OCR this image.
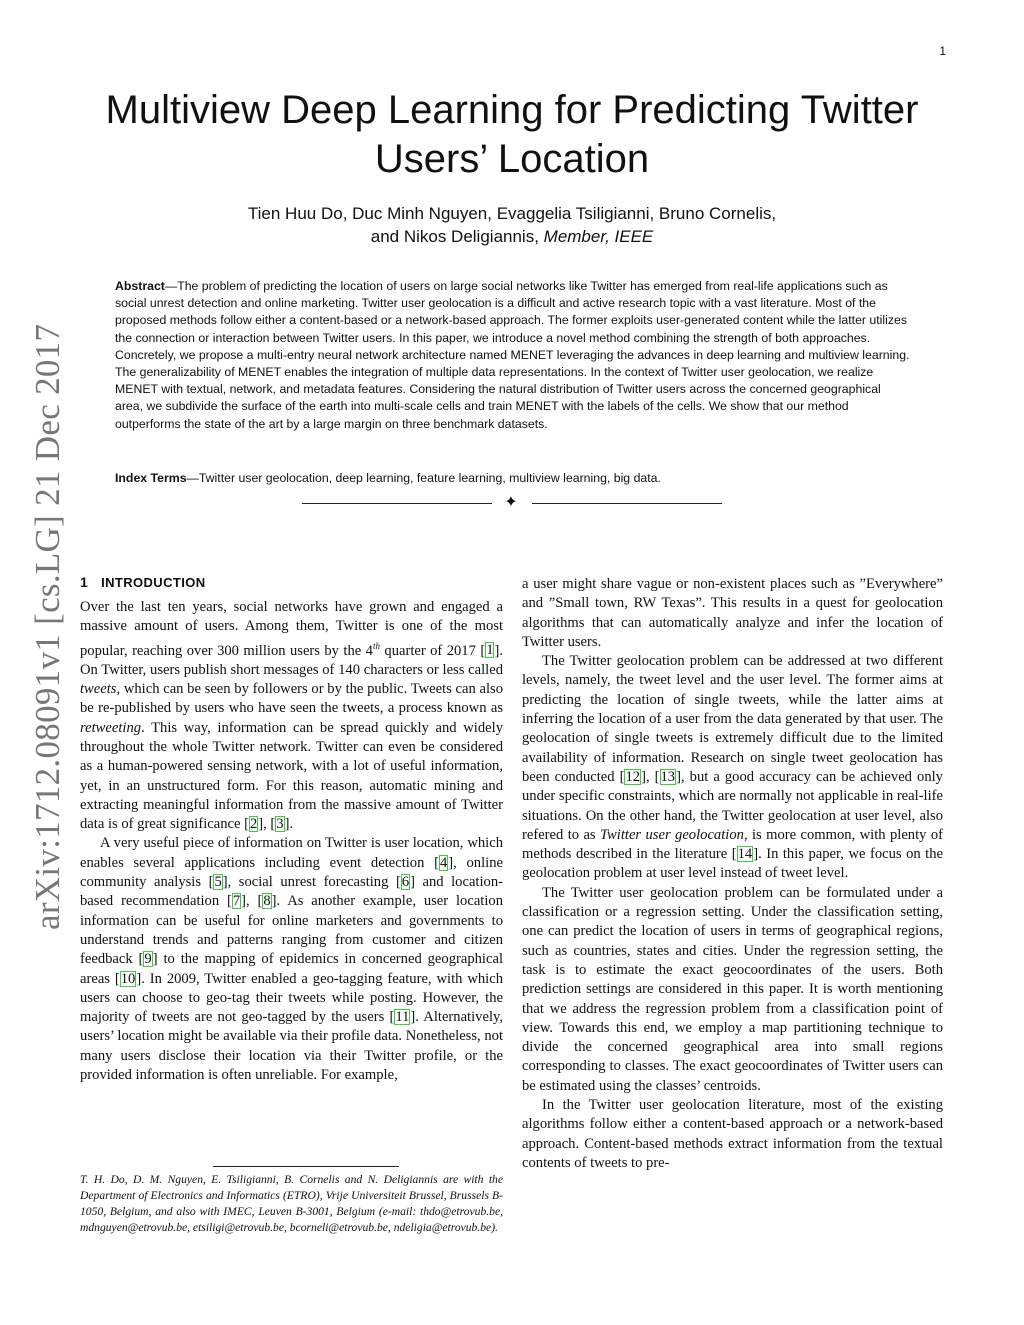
1
arXiv:1712.08091v1 [cs.LG] 21 Dec 2017
Multiview Deep Learning for Predicting Twitter Users’ Location
Tien Huu Do, Duc Minh Nguyen, Evaggelia Tsiligianni, Bruno Cornelis,
and Nikos Deligiannis, Member, IEEE

Abstract—The problem of predicting the location of users on large social networks like Twitter has emerged from real-life applications such as social unrest detection and online marketing. Twitter user geolocation is a difficult and active research topic with a vast literature. Most of the proposed methods follow either a content-based or a network-based approach. The former exploits user-generated content while the latter utilizes the connection or interaction between Twitter users. In this paper, we introduce a novel method combining the strength of both approaches. Concretely, we propose a multi-entry neural network architecture named MENET leveraging the advances in deep learning and multiview learning. The generalizability of MENET enables the integration of multiple data representations. In the context of Twitter user geolocation, we realize MENET with textual, network, and metadata features. Considering the natural distribution of Twitter users across the concerned geographical area, we subdivide the surface of the earth into multi-scale cells and train MENET with the labels of the cells. We show that our method outperforms the state of the art by a large margin on three benchmark datasets.

Index Terms—Twitter user geolocation, deep learning, feature learning, multiview learning, big data.

✦
1 INTRODUCTION

Over the last ten years, social networks have grown and engaged a massive amount of users. Among them, Twitter is one of the most popular, reaching over 300 million users by the 4th quarter of 2017 [1]. On Twitter, users publish short messages of 140 characters or less called tweets, which can be seen by followers or by the public. Tweets can also be re-published by users who have seen the tweets, a process known as retweeting. This way, information can be spread quickly and widely throughout the whole Twitter network. Twitter can even be considered as a human-powered sensing network, with a lot of useful information, yet, in an unstructured form. For this reason, automatic mining and extracting meaningful information from the massive amount of Twitter data is of great significance [2], [3].

A very useful piece of information on Twitter is user location, which enables several applications including event detection [4], online community analysis [5], social unrest forecasting [6] and location-based recommendation [7], [8]. As another example, user location information can be useful for online marketers and governments to understand trends and patterns ranging from customer and citizen feedback [9] to the mapping of epidemics in concerned geographical areas [10]. In 2009, Twitter enabled a geo-tagging feature, with which users can choose to geo-tag their tweets while posting. However, the majority of tweets are not geo-tagged by the users [11]. Alternatively, users’ location might be available via their profile data. Nonetheless, not many users disclose their location via their Twitter profile, or the provided information is often unreliable. For example,

a user might share vague or non-existent places such as ”Everywhere” and ”Small town, RW Texas”. This results in a quest for geolocation algorithms that can automatically analyze and infer the location of Twitter users.

The Twitter geolocation problem can be addressed at two different levels, namely, the tweet level and the user level. The former aims at predicting the location of single tweets, while the latter aims at inferring the location of a user from the data generated by that user. The geolocation of single tweets is extremely difficult due to the limited availability of information. Research on single tweet geolocation has been conducted [12], [13], but a good accuracy can be achieved only under specific constraints, which are normally not applicable in real-life situations. On the other hand, the Twitter geolocation at user level, also refered to as Twitter user geolocation, is more common, with plenty of methods described in the literature [14]. In this paper, we focus on the geolocation problem at user level instead of tweet level.

The Twitter user geolocation problem can be formulated under a classification or a regression setting. Under the classification setting, one can predict the location of users in terms of geographical regions, such as countries, states and cities. Under the regression setting, the task is to estimate the exact geocoordinates of the users. Both prediction settings are considered in this paper. It is worth mentioning that we address the regression problem from a classification point of view. Towards this end, we employ a map partitioning technique to divide the concerned geographical area into small regions corresponding to classes. The exact geocoordinates of Twitter users can be estimated using the classes’ centroids.

In the Twitter user geolocation literature, most of the existing algorithms follow either a content-based approach or a network-based approach. Content-based methods extract information from the textual contents of tweets to pre-

T. H. Do, D. M. Nguyen, E. Tsiligianni, B. Cornelis and N. Deligiannis are with the Department of Electronics and Informatics (ETRO), Vrije Universiteit Brussel, Brussels B-1050, Belgium, and also with IMEC, Leuven B-3001, Belgium (e-mail: thdo@etrovub.be, mdnguyen@etrovub.be, etsiligi@etrovub.be, bcorneli@etrovub.be, ndeligia@etrovub.be).
